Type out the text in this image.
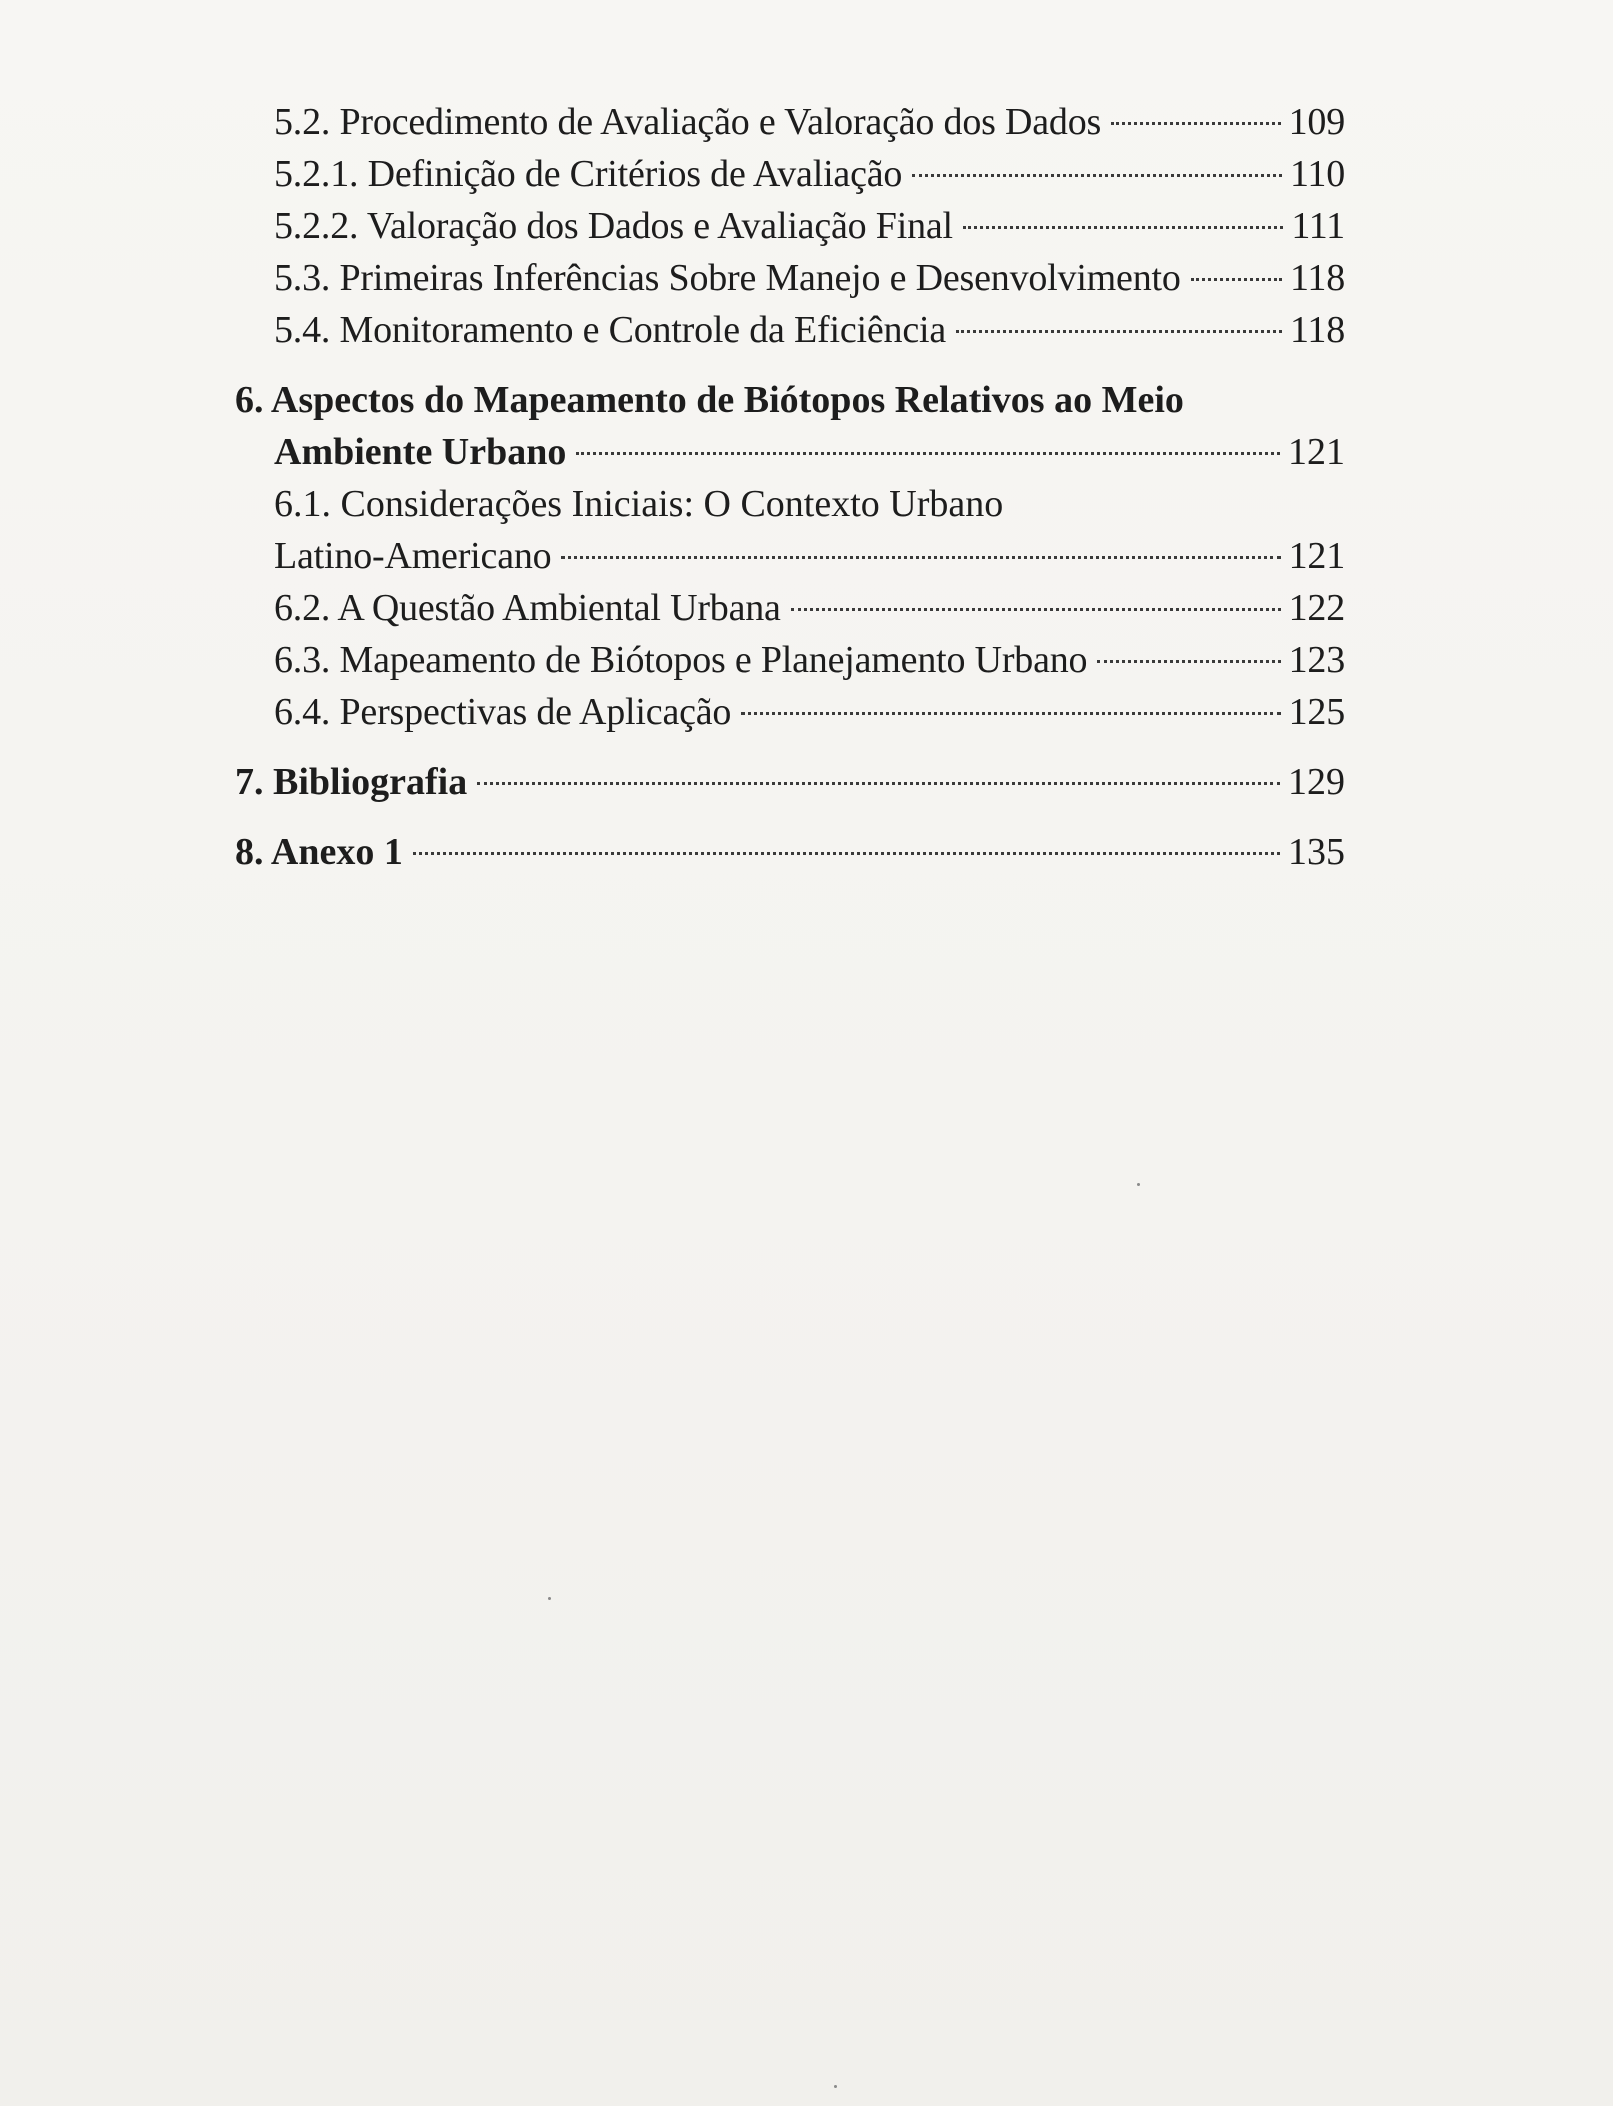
5.2. Procedimento de Avaliação e Valoração dos Dados	109
5.2.1. Definição de Critérios de Avaliação	110
5.2.2. Valoração dos Dados e Avaliação Final	111
5.3. Primeiras Inferências Sobre Manejo e Desenvolvimento	118
5.4. Monitoramento e Controle da Eficiência	118
6. Aspectos do Mapeamento de Biótopos Relativos ao Meio
Ambiente Urbano	121
6.1. Considerações Iniciais: O Contexto Urbano
Latino-Americano	121
6.2. A Questão Ambiental Urbana	122
6.3. Mapeamento de Biótopos e Planejamento Urbano	123
6.4. Perspectivas de Aplicação	125
7. Bibliografia	129
8. Anexo 1	135
